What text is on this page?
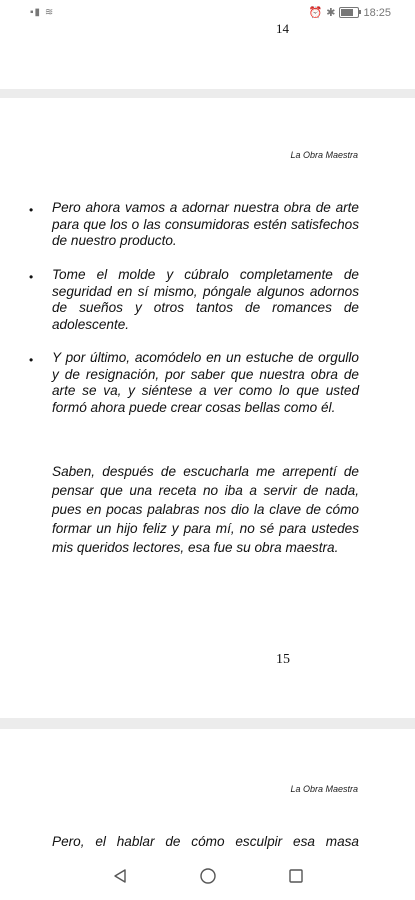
▪▮ ≋	⏰ ✱	18:25
14
La Obra Maestra
• Pero ahora vamos a adornar nuestra obra de arte para que los o las consumidoras estén satisfechos de nuestro producto.

• Tome el molde y cúbralo completamente de seguridad en sí mismo, póngale algunos adornos de sueños y otros tantos de romances de adolescente.

• Y por último, acomódelo en un estuche de orgullo y de resignación, por saber que nuestra obra de arte se va, y siéntese a ver como lo que usted formó ahora puede crear cosas bellas como él.

Saben, después de escucharla me arrepentí de pensar que una receta no iba a servir de nada, pues en pocas palabras nos dio la clave de cómo formar un hijo feliz y para mí, no sé para ustedes mis queridos lectores, esa fue su obra maestra.

15
La Obra Maestra

Pero, el hablar de cómo esculpir esa masa
